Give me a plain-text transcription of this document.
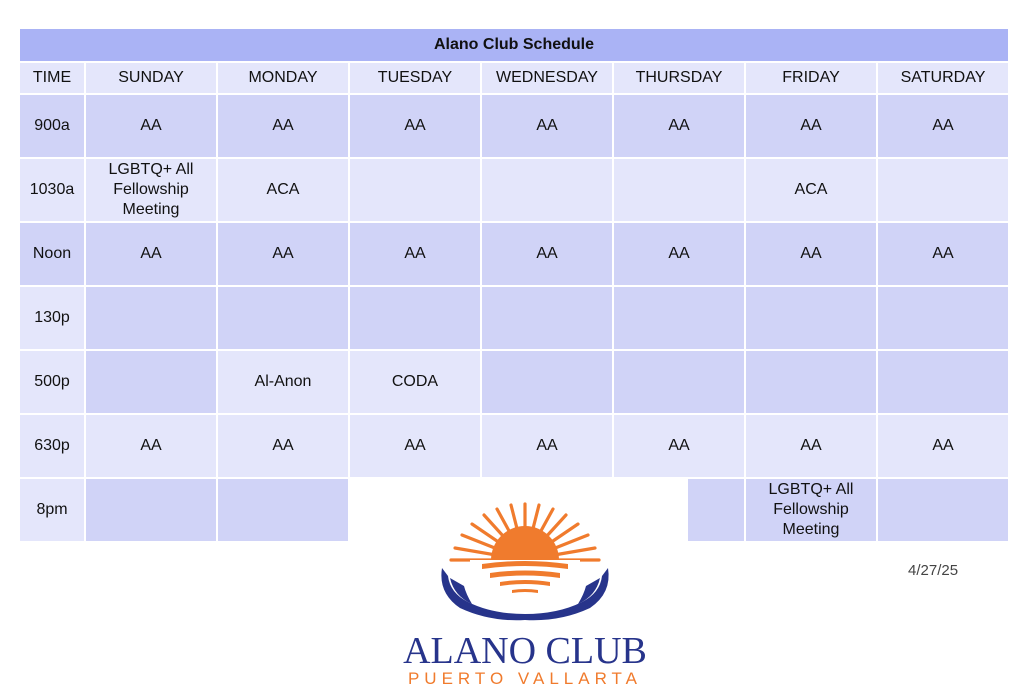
Alano Club Schedule							
TIME	SUNDAY	MONDAY	TUESDAY	WEDNESDAY	THURSDAY	FRIDAY	SATURDAY
900a	AA	AA	AA	AA	AA	AA	AA

1030a	LGBTQ+ All Fellowship Meeting	ACA				ACA	

Noon	AA	AA	AA	AA	AA	AA	AA

130p	

500p		Al-Anon	CODA				

630p	AA	AA	AA	AA	AA	AA	AA

8pm						LGBTQ+ All Fellowship Meeting	

4/27/25
ALANO CLUB
PUERTO VALLARTA
